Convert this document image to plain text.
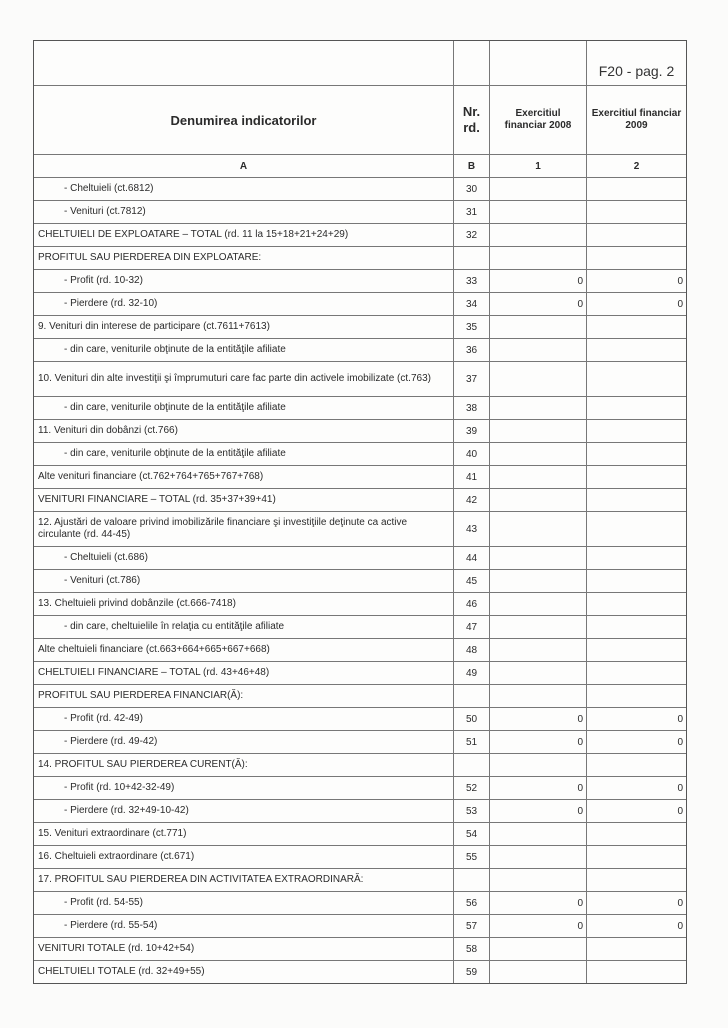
F20 - pag. 2
Denumirea indicatorilor
Nr.
rd.
Exercitiul financiar 2008
Exercitiul financiar 2009
A	B	1	2
- Cheltuieli (ct.6812)	30
- Venituri (ct.7812)	31
CHELTUIELI DE EXPLOATARE – TOTAL (rd. 11 la 15+18+21+24+29)	32
PROFITUL SAU PIERDEREA DIN EXPLOATARE:
- Profit (rd. 10-32)	33	0	0
- Pierdere (rd. 32-10)	34	0	0
9. Venituri din interese de participare (ct.7611+7613)	35
- din care, veniturile obţinute de la entităţile afiliate	36
10. Venituri din alte investiţii şi împrumuturi care fac parte din activele imobilizate (ct.763)	37
- din care, veniturile obţinute de la entităţile afiliate	38
11. Venituri din dobânzi (ct.766)	39
- din care, veniturile obţinute de la entităţile afiliate	40
Alte venituri financiare (ct.762+764+765+767+768)	41
VENITURI FINANCIARE – TOTAL (rd. 35+37+39+41)	42
12. Ajustări de valoare privind imobilizările financiare şi investiţiile deţinute ca active circulante (rd. 44-45)	43
- Cheltuieli (ct.686)	44
- Venituri (ct.786)	45
13. Cheltuieli privind dobânzile (ct.666-7418)	46
- din care, cheltuielile în relaţia cu entităţile afiliate	47
Alte cheltuieli financiare (ct.663+664+665+667+668)	48
CHELTUIELI FINANCIARE – TOTAL (rd. 43+46+48)	49
PROFITUL SAU PIERDEREA FINANCIAR(Ă):
- Profit (rd. 42-49)	50	0	0
- Pierdere (rd. 49-42)	51	0	0
14. PROFITUL SAU PIERDEREA CURENT(Ă):
- Profit (rd. 10+42-32-49)	52	0	0
- Pierdere (rd. 32+49-10-42)	53	0	0
15. Venituri extraordinare (ct.771)	54
16. Cheltuieli extraordinare (ct.671)	55
17. PROFITUL SAU PIERDEREA DIN ACTIVITATEA EXTRAORDINARĂ:
- Profit (rd. 54-55)	56	0	0
- Pierdere (rd. 55-54)	57	0	0
VENITURI TOTALE (rd. 10+42+54)	58
CHELTUIELI TOTALE (rd. 32+49+55)	59
